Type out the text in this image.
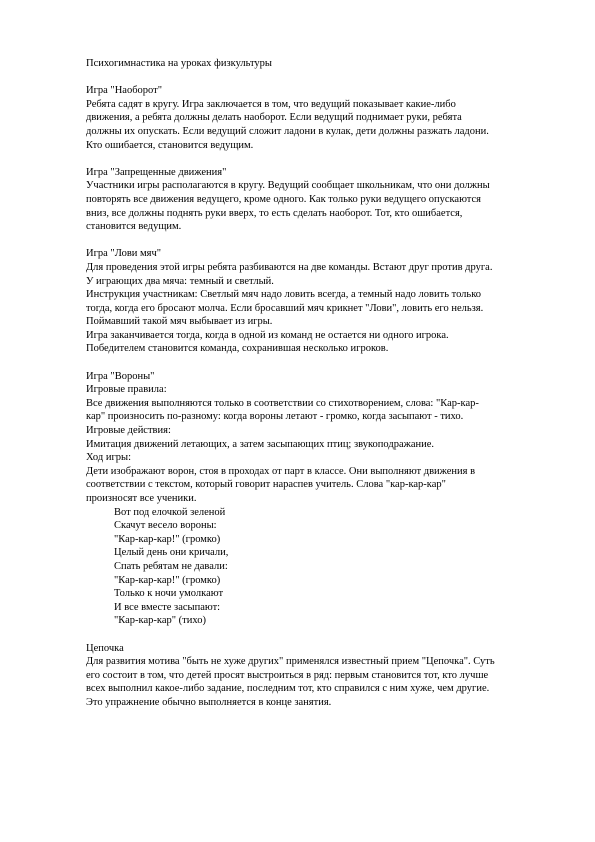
Психогимнастика на уроках физкультуры

Игра "Наоборот"

Ребята садят в кругу. Игра заключается в том, что ведущий показывает какие-либо

движения, а ребята должны делать наоборот. Если ведущий поднимает руки, ребята

должны их опускать. Если ведущий сложит ладони в кулак, дети должны разжать ладони.

Кто ошибается, становится ведущим.

Игра "Запрещенные движения"

Участники игры располагаются в кругу. Ведущий сообщает школьникам, что они должны

повторять все движения ведущего, кроме одного. Как только руки ведущего опускаются

вниз, все должны поднять руки вверх, то есть сделать наоборот. Тот, кто ошибается,

становится ведущим.

Игра "Лови мяч"

Для проведения этой игры ребята разбиваются на две команды. Встают друг против друга.

У играющих два мяча: темный и светлый.

Инструкция участникам: Светлый мяч надо ловить всегда, а темный надо ловить только

тогда, когда его бросают молча. Если бросавший мяч крикнет "Лови", ловить его нельзя.

Поймавший такой мяч выбывает из игры.

Игра заканчивается тогда, когда в одной из команд не остается ни одного игрока.

Победителем становится команда, сохранившая несколько игроков.

Игра "Вороны"

Игровые правила:

Все движения выполняются только в соответствии со стихотворением, слова: "Кар-кар-

кар" произносить по-разному: когда вороны летают - громко, когда засыпают - тихо.

Игровые действия:

Имитация движений летающих, а затем засыпающих птиц; звукоподражание.

Ход игры:

Дети изображают ворон, стоя в проходах от парт в классе. Они выполняют движения в

соответствии с текстом, который говорит нараспев учитель. Слова "кар-кар-кар"

произносят все ученики.

Вот под елочкой зеленой

Скачут весело вороны:

"Кар-кар-кар!" (громко)

Целый день они кричали,

Спать ребятам не давали:

"Кар-кар-кар!" (громко)

Только к ночи умолкают

И все вместе засыпают:

"Кар-кар-кар" (тихо)

Цепочка

Для развития мотива "быть не хуже других" применялся известный прием "Цепочка". Суть

его состоит в том, что детей просят выстроиться в ряд: первым становится тот, кто лучше

всех выполнил какое-либо задание, последним тот, кто справился с ним хуже, чем другие.

Это упражнение обычно выполняется в конце занятия.
